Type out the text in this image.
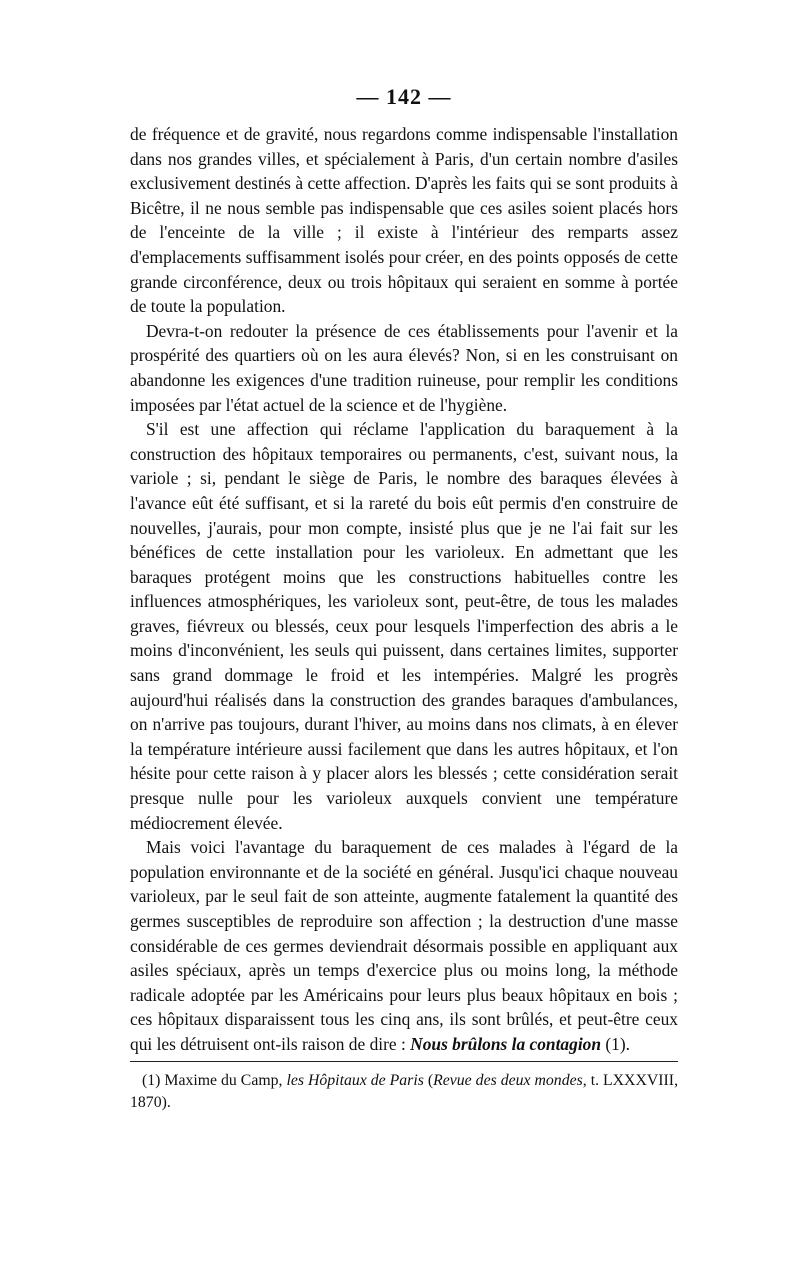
— 142 —

de fréquence et de gravité, nous regardons comme indispensable l'installation dans nos grandes villes, et spécialement à Paris, d'un certain nombre d'asiles exclusivement destinés à cette affection. D'après les faits qui se sont produits à Bicêtre, il ne nous semble pas indispensable que ces asiles soient placés hors de l'enceinte de la ville ; il existe à l'intérieur des remparts assez d'emplacements suffisamment isolés pour créer, en des points opposés de cette grande circonférence, deux ou trois hôpitaux qui seraient en somme à portée de toute la population.

Devra-t-on redouter la présence de ces établissements pour l'avenir et la prospérité des quartiers où on les aura élevés? Non, si en les construisant on abandonne les exigences d'une tradition ruineuse, pour remplir les conditions imposées par l'état actuel de la science et de l'hygiène.

S'il est une affection qui réclame l'application du baraquement à la construction des hôpitaux temporaires ou permanents, c'est, suivant nous, la variole ; si, pendant le siège de Paris, le nombre des baraques élevées à l'avance eût été suffisant, et si la rareté du bois eût permis d'en construire de nouvelles, j'aurais, pour mon compte, insisté plus que je ne l'ai fait sur les bénéfices de cette installation pour les varioleux. En admettant que les baraques protégent moins que les constructions habituelles contre les influences atmosphériques, les varioleux sont, peut-être, de tous les malades graves, fiévreux ou blessés, ceux pour lesquels l'imperfection des abris a le moins d'inconvénient, les seuls qui puissent, dans certaines limites, supporter sans grand dommage le froid et les intempéries. Malgré les progrès aujourd'hui réalisés dans la construction des grandes baraques d'ambulances, on n'arrive pas toujours, durant l'hiver, au moins dans nos climats, à en élever la température intérieure aussi facilement que dans les autres hôpitaux, et l'on hésite pour cette raison à y placer alors les blessés ; cette considération serait presque nulle pour les varioleux auxquels convient une température médiocrement élevée.

Mais voici l'avantage du baraquement de ces malades à l'égard de la population environnante et de la société en général. Jusqu'ici chaque nouveau varioleux, par le seul fait de son atteinte, augmente fatalement la quantité des germes susceptibles de reproduire son affection ; la destruction d'une masse considérable de ces germes deviendrait désormais possible en appliquant aux asiles spéciaux, après un temps d'exercice plus ou moins long, la méthode radicale adoptée par les Américains pour leurs plus beaux hôpitaux en bois ; ces hôpitaux disparaissent tous les cinq ans, ils sont brûlés, et peut-être ceux qui les détruisent ont-ils raison de dire : Nous brûlons la contagion (1).

(1) Maxime du Camp, les Hôpitaux de Paris (Revue des deux mondes, t. LXXXVIII, 1870).
